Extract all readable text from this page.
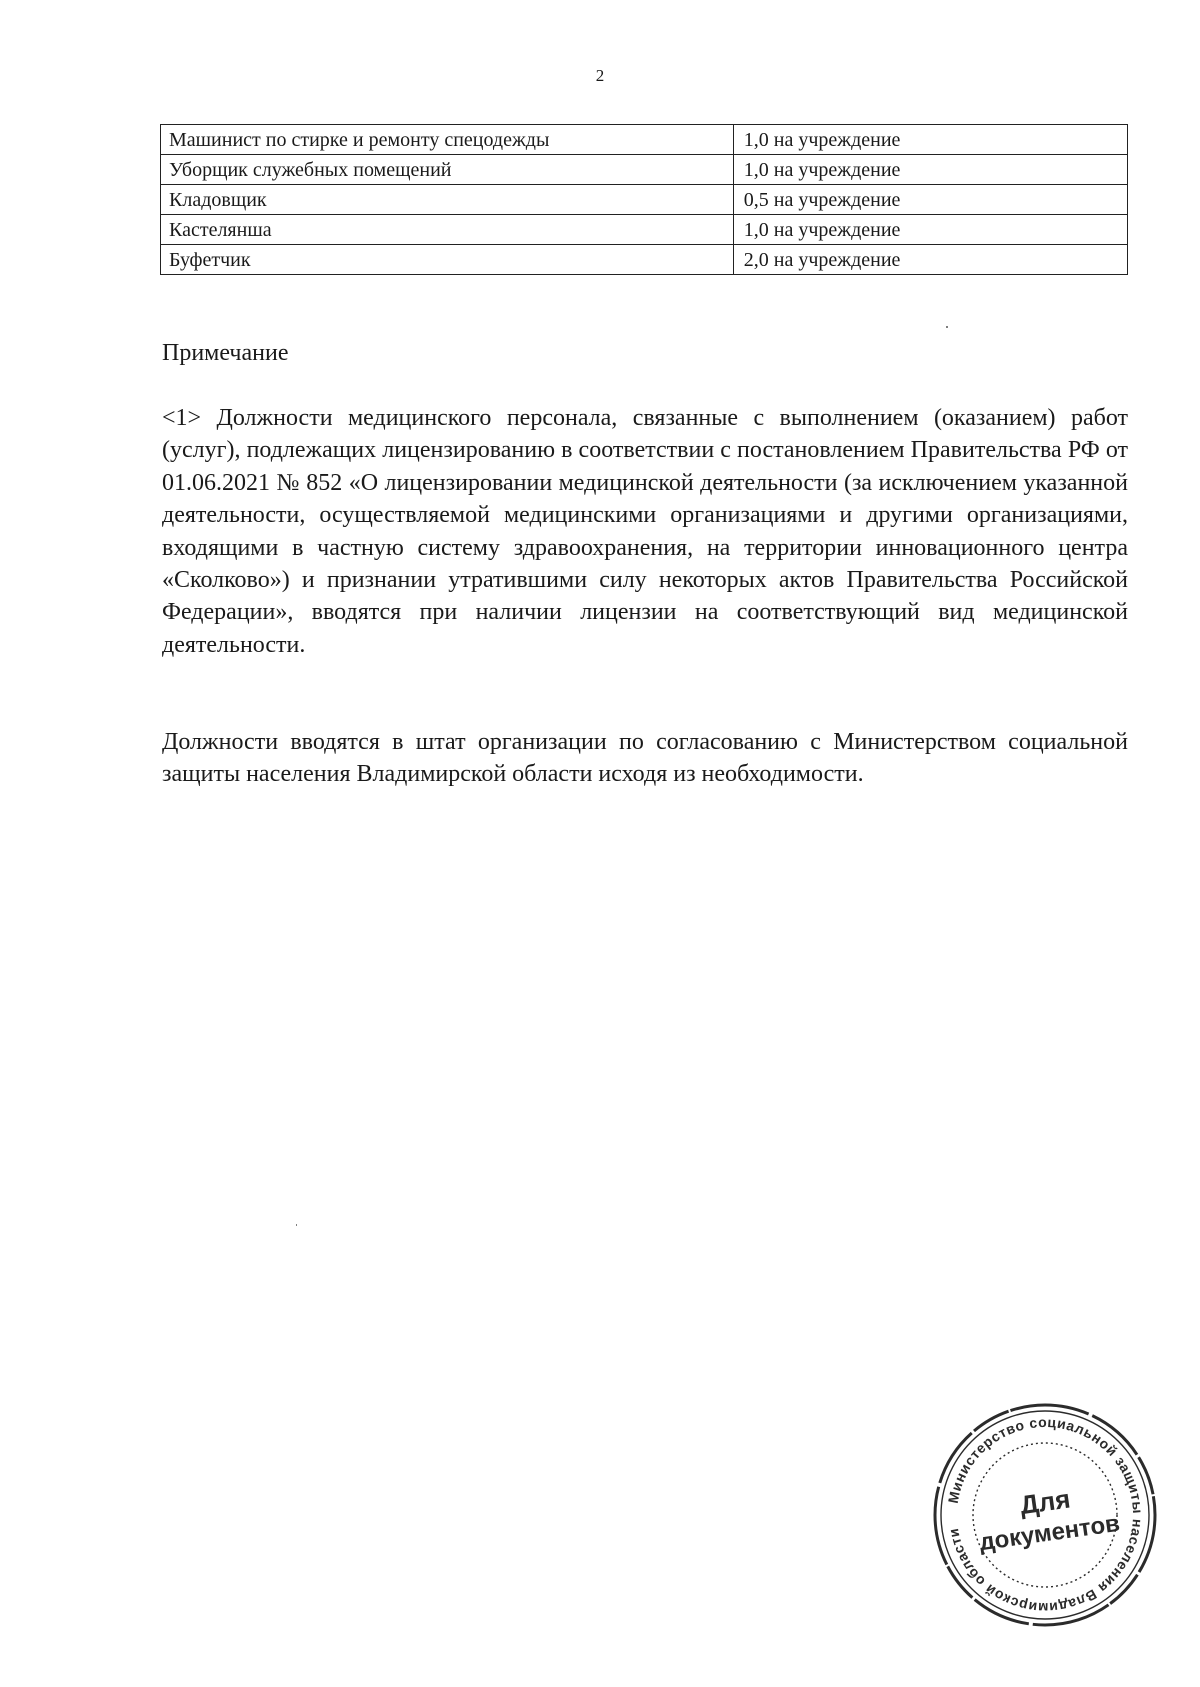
2
Машинист по стирке и ремонту спецодежды	1,0 на учреждение
Уборщик служебных помещений	1,0 на учреждение
Кладовщик	0,5 на учреждение
Кастелянша	1,0 на учреждение
Буфетчик	2,0 на учреждение
Примечание

<1> Должности медицинского персонала, связанные с выполнением (оказанием) работ (услуг), подлежащих лицензированию в соответствии с постановлением Правительства РФ от 01.06.2021 № 852 «О лицензировании медицинской деятельности (за исключением указанной деятельности, осуществляемой медицинскими организациями и другими организациями, входящими в частную систему здравоохранения, на территории инновационного центра «Сколково») и признании утратившими силу некоторых актов Правительства Российской Федерации», вводятся при наличии лицензии на соответствующий вид медицинской деятельности.

Должности вводятся в штат организации по согласованию с Министерством социальной защиты населения Владимирской области исходя из необходимости.

Министерство социальной защиты населения Владимирской области
Для
документов
